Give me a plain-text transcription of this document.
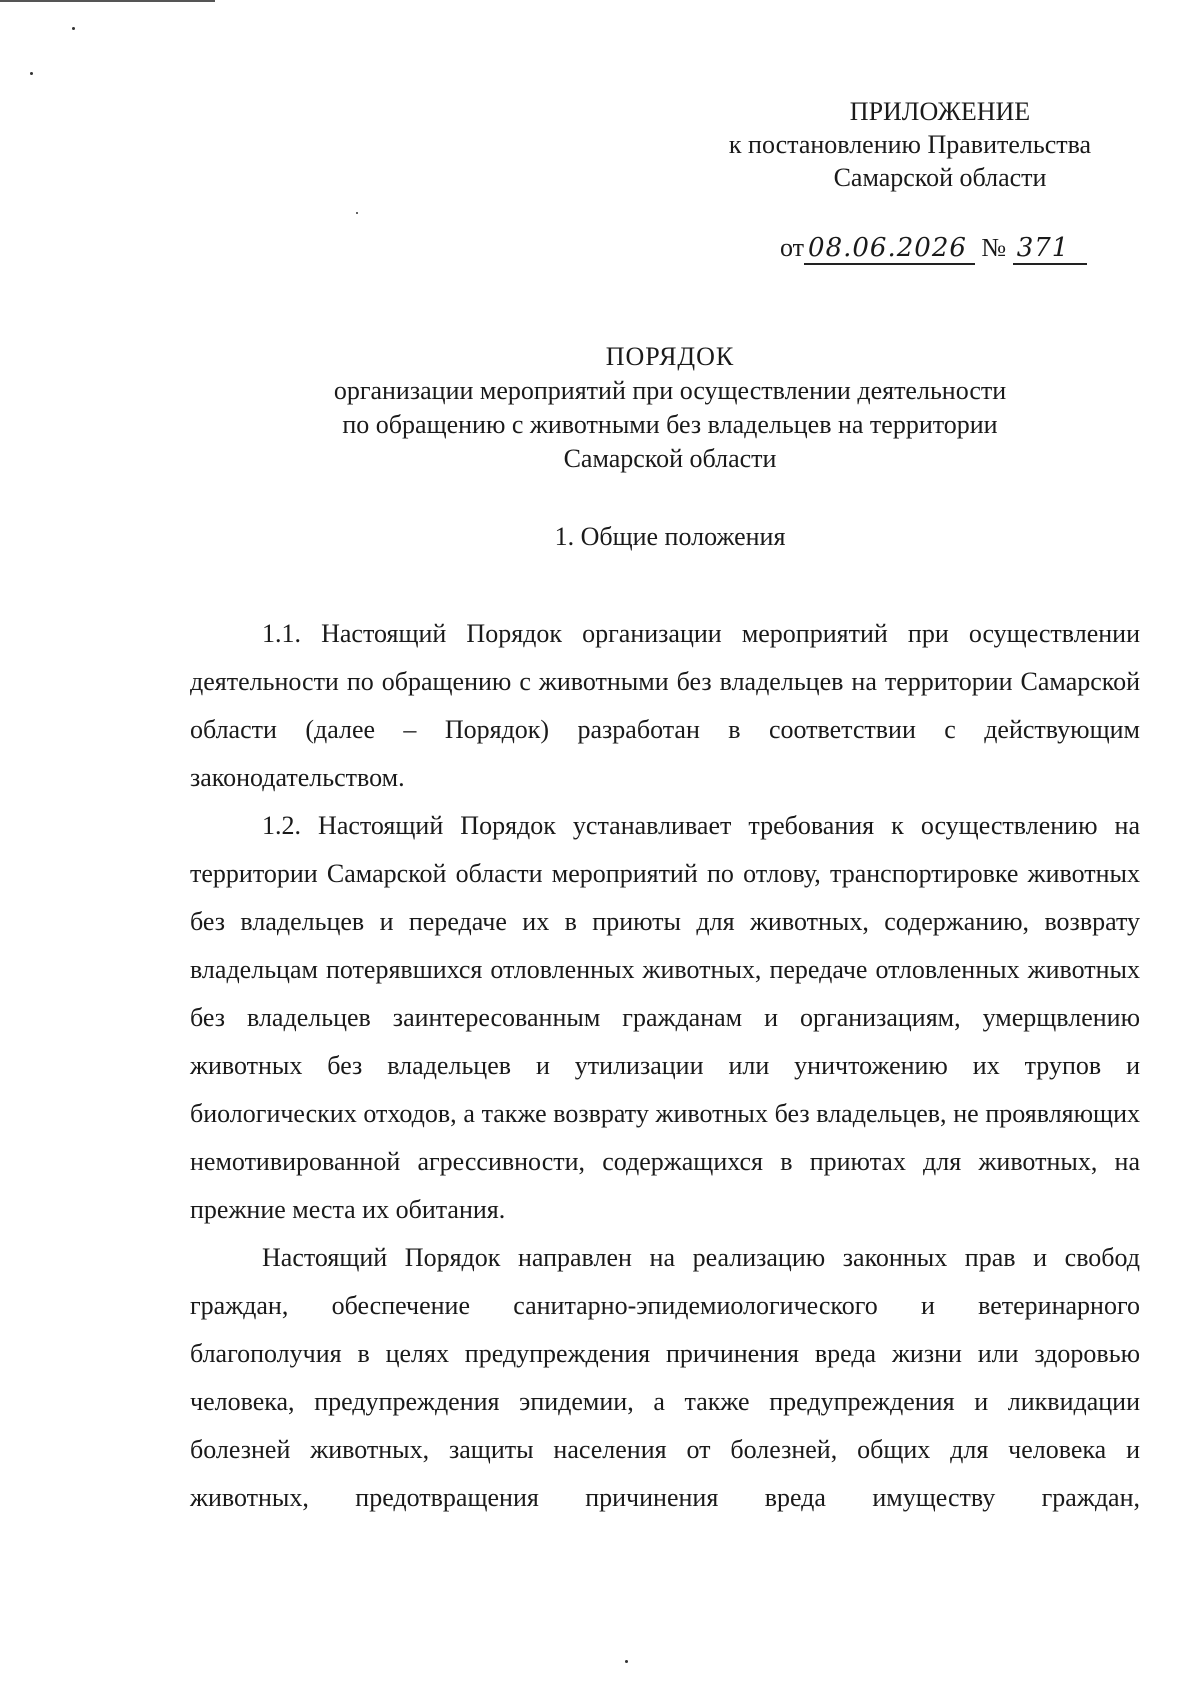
ПРИЛОЖЕНИЕ
к постановлению Правительства
Самарской области
от 08.06.2026 № 371
ПОРЯДОК
организации мероприятий при осуществлении деятельности
по обращению с животными без владельцев на территории
Самарской области
1. Общие положения

1.1. Настоящий Порядок организации мероприятий при осуществлении деятельности по обращению с животными без владельцев на территории Самарской области (далее – Порядок) разработан в соответствии с действующим законодательством.

1.2. Настоящий Порядок устанавливает требования к осуществлению на территории Самарской области мероприятий по отлову, транспортировке животных без владельцев и передаче их в приюты для животных, содержанию, возврату владельцам потерявшихся отловленных животных, передаче отловленных животных без владельцев заинтересованным гражданам и организациям, умерщвлению животных без владельцев и утилизации или уничтожению их трупов и биологических отходов, а также возврату животных без владельцев, не проявляющих немотивированной агрессивности, содержащихся в приютах для животных, на прежние места их обитания.

Настоящий Порядок направлен на реализацию законных прав и свобод граждан, обеспечение санитарно-эпидемиологического и ветеринарного благополучия в целях предупреждения причинения вреда жизни или здоровью человека, предупреждения эпидемии, а также предупреждения и ликвидации болезней животных, защиты населения от болезней, общих для человека и животных, предотвращения причинения вреда имуществу граждан,
